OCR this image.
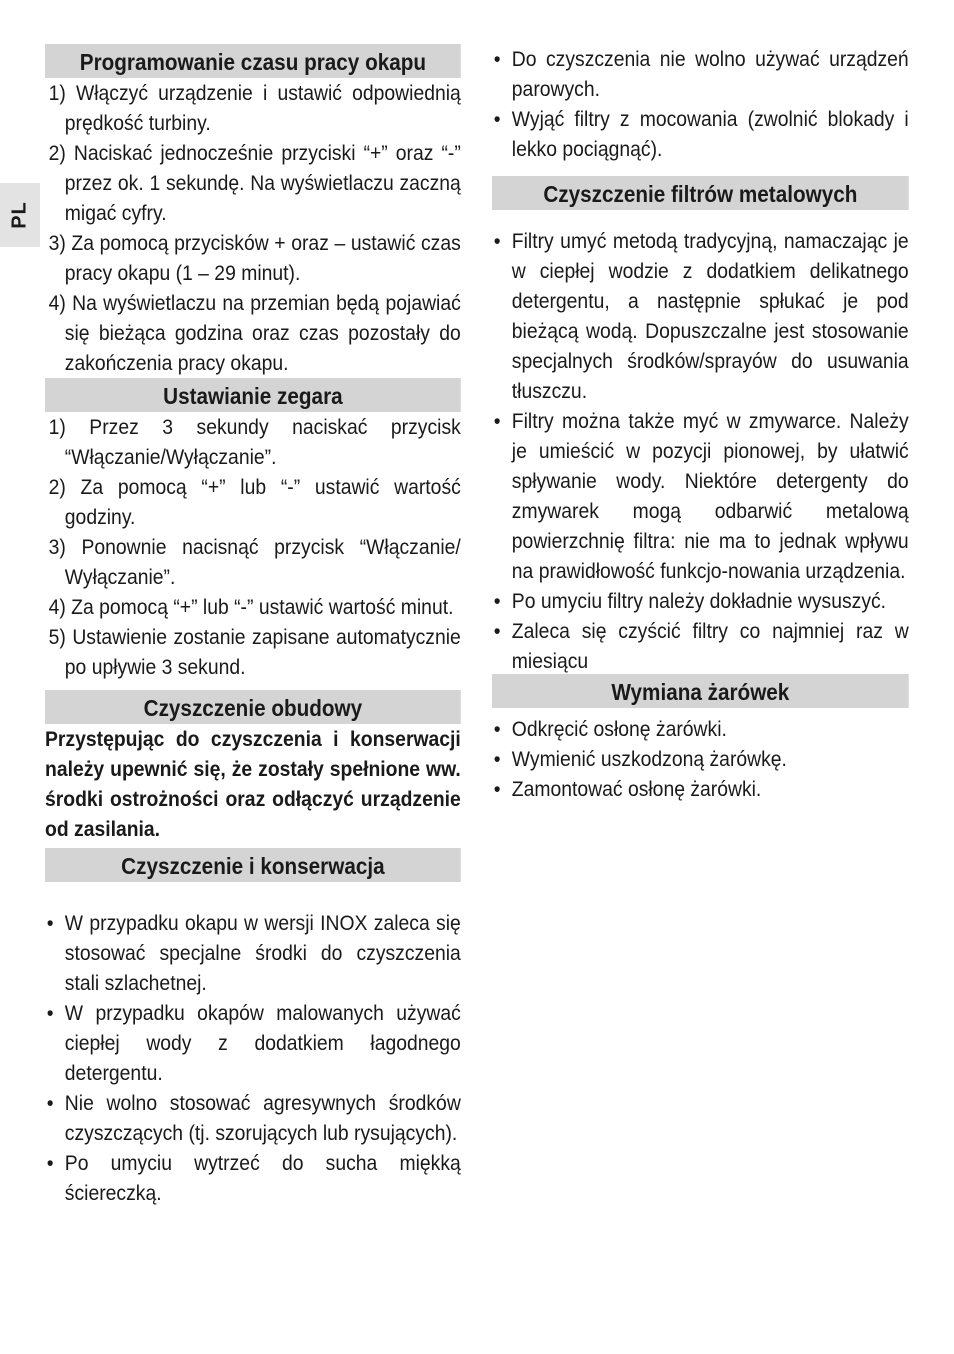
PL
Programowanie czasu pracy okapu
1) Włączyć urządzenie i ustawić odpowiednią prędkość turbiny.
2) Naciskać jednocześnie przyciski “+” oraz “-” przez ok. 1 sekundę. Na wyświetlaczu zaczną migać cyfry.
3) Za pomocą przycisków + oraz – ustawić czas pracy okapu (1 – 29 minut).
4) Na wyświetlaczu na przemian będą pojawiać się bieżąca godzina oraz czas pozostały do zakończenia pracy okapu.
Ustawianie zegara
1) Przez 3 sekundy naciskać przycisk “Włączanie/Wyłączanie”.
2) Za pomocą “+” lub “-” ustawić wartość godziny.
3) Ponownie nacisnąć przycisk “Włączanie/ Wyłączanie”.
4) Za pomocą “+” lub “-” ustawić wartość minut.
5) Ustawienie zostanie zapisane automatycznie po upływie 3 sekund.
Czyszczenie obudowy
Przystępując do czyszczenia i konserwacji należy upewnić się, że zostały spełnione ww. środki ostrożności oraz odłączyć urządzenie od zasilania.
Czyszczenie i konserwacja
• W przypadku okapu w wersji INOX zaleca się stosować specjalne środki do czyszczenia stali szlachetnej.
• W przypadku okapów malowanych używać ciepłej wody z dodatkiem łagodnego detergentu.
• Nie wolno stosować agresywnych środków czyszczących (tj. szorujących lub rysujących).
• Po umyciu wytrzeć do sucha miękką ściereczką.
• Do czyszczenia nie wolno używać urządzeń parowych.
• Wyjąć filtry z mocowania (zwolnić blokady i lekko pociągnąć).
Czyszczenie filtrów metalowych
• Filtry umyć metodą tradycyjną, namaczając je w ciepłej wodzie z dodatkiem delikatnego detergentu, a następnie spłukać je pod bieżącą wodą. Dopuszczalne jest stosowanie specjalnych środków/sprayów do usuwania tłuszczu.
• Filtry można także myć w zmywarce. Należy je umieścić w pozycji pionowej, by ułatwić spływanie wody. Niektóre detergenty do zmywarek mogą odbarwić metalową powierzchnię filtra: nie ma to jednak wpływu na prawidłowość funkcjo-nowania urządzenia.
• Po umyciu filtry należy dokładnie wysuszyć.
• Zaleca się czyścić filtry co najmniej raz w miesiącu
Wymiana żarówek
• Odkręcić osłonę żarówki.
• Wymienić uszkodzoną żarówkę.
• Zamontować osłonę żarówki.
